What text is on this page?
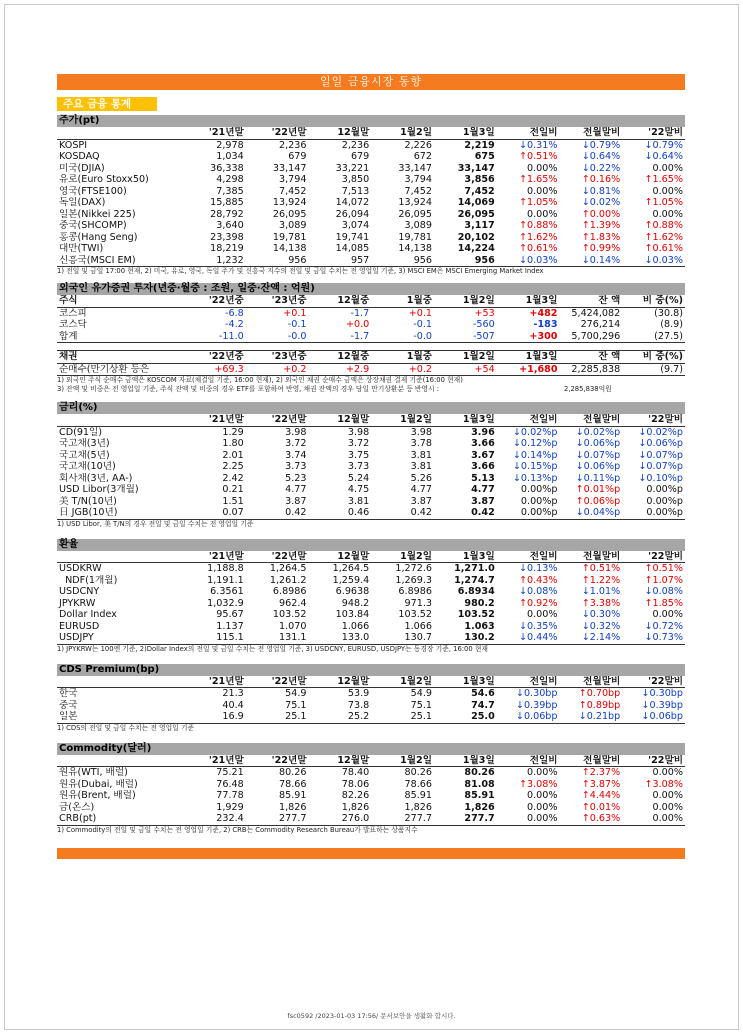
일일 금융시장 동향
주요 금융 통계
주가(pt)
	'21년말	'22년말	12월말	1월2일	1월3일	전일비	전월말비	'22말비
KOSPI	2,978	2,236	2,236	2,226	2,219	↓0.31%	↓0.79%	↓0.79%
KOSDAQ	1,034	679	679	672	675	↑0.51%	↓0.64%	↓0.64%
미국(DJIA)	36,338	33,147	33,221	33,147	33,147	0.00%	↓0.22%	0.00%
유로(Euro Stoxx50)	4,298	3,794	3,850	3,794	3,856	↑1.65%	↑0.16%	↑1.65%
영국(FTSE100)	7,385	7,452	7,513	7,452	7,452	0.00%	↓0.81%	0.00%
독일(DAX)	15,885	13,924	14,072	13,924	14,069	↑1.05%	↓0.02%	↑1.05%
일본(Nikkei 225)	28,792	26,095	26,094	26,095	26,095	0.00%	↑0.00%	0.00%
중국(SHCOMP)	3,640	3,089	3,074	3,089	3,117	↑0.88%	↑1.39%	↑0.88%
홍콩(Hang Seng)	23,398	19,781	19,741	19,781	20,102	↑1.62%	↑1.83%	↑1.62%
대만(TWI)	18,219	14,138	14,085	14,138	14,224	↑0.61%	↑0.99%	↑0.61%
신흥국(MSCI EM)	1,232	956	957	956	956	↓0.03%	↓0.14%	↓0.03%
1) 전일 및 금일 17:00 현재, 2) 미국, 유로, 영국, 독일 주가 및 신흥국 지수의 전일 및 금일 수치는 전 영업일 기준, 3) MSCI EM은 MSCI Emerging Market Index
외국인 유가증권 투자(년중·월중 : 조원, 일중·잔액 : 억원)
주식	'22년중	'23년중	12월중	1월중	1월2일	1월3일	잔 액	비 중(%)
코스피	-6.8	+0.1	-1.7	+0.1	+53	+482	5,424,082	(30.8)
코스닥	-4.2	-0.1	+0.0	-0.1	-560	-183	276,214	(8.9)
합계	-11.0	-0.0	-1.7	-0.0	-507	+300	5,700,296	(27.5)
채권	'22년중	'23년중	12월중	1월중	1월2일	1월3일	잔 액	비 중(%)
순매수(만기상환 등은	+69.3	+0.2	+2.9	+0.2	+54	+1,680	2,285,838	(9.7)
1) 외국인 주식 순매수 금액은 KOSCOM 자료(체결일 기준, 16:00 현재), 2) 외국인 채권 순매수 금액은 상장채권 결제 기준(16:00 현재)
3) 잔액 및 비중은 전 영업일 기준, 주식 잔액 및 비중의 경우 ETF를 포함하여 반영, 채권 잔액의 경우 당일 만기상환분 등 반영시 :	2,285,838억원
금리(%)
	'21년말	'22년말	12월말	1월2일	1월3일	전일비	전월말비	'22말비
CD(91일)	1.29	3.98	3.98	3.98	3.96	↓0.02%p	↓0.02%p	↓0.02%p
국고채(3년)	1.80	3.72	3.72	3.78	3.66	↓0.12%p	↓0.06%p	↓0.06%p
국고채(5년)	2.01	3.74	3.75	3.81	3.67	↓0.14%p	↓0.07%p	↓0.07%p
국고채(10년)	2.25	3.73	3.73	3.81	3.66	↓0.15%p	↓0.06%p	↓0.07%p
회사채(3년, AA-)	2.42	5.23	5.24	5.26	5.13	↓0.13%p	↓0.11%p	↓0.10%p
USD Libor(3개월)	0.21	4.77	4.75	4.77	4.77	0.00%p	↑0.01%p	0.00%p
美 T/N(10년)	1.51	3.87	3.81	3.87	3.87	0.00%p	↑0.06%p	0.00%p
日 JGB(10년)	0.07	0.42	0.46	0.42	0.42	0.00%p	↓0.04%p	0.00%p
1) USD Libor, 美 T/N의 경우 전일 및 금일 수치는 전 영업일 기준
환율
	'21년말	'22년말	12월말	1월2일	1월3일	전일비	전월말비	'22말비
USDKRW	1,188.8	1,264.5	1,264.5	1,272.6	1,271.0	↓0.13%	↑0.51%	↑0.51%
NDF(1개월)	1,191.1	1,261.2	1,259.4	1,269.3	1,274.7	↑0.43%	↑1.22%	↑1.07%
USDCNY	6.3561	6.8986	6.9638	6.8986	6.8934	↓0.08%	↓1.01%	↓0.08%
JPYKRW	1,032.9	962.4	948.2	971.3	980.2	↑0.92%	↑3.38%	↑1.85%
Dollar Index	95.67	103.52	103.84	103.52	103.52	0.00%	↓0.30%	0.00%
EURUSD	1.137	1.070	1.066	1.066	1.063	↓0.35%	↓0.32%	↓0.72%
USDJPY	115.1	131.1	133.0	130.7	130.2	↓0.44%	↓2.14%	↓0.73%
1) JPYKRW는 100엔 기준, 2)Dollar Index의 전일 및 금일 수치는 전 영업일 기준, 3) USDCNY, EURUSD, USDJPY는 동경장 기준, 16:00 현재
CDS Premium(bp)
	'21년말	'22년말	12월말	1월2일	1월3일	전일비	전월말비	'22말비
한국	21.3	54.9	53.9	54.9	54.6	↓0.30bp	↑0.70bp	↓0.30bp
중국	40.4	75.1	73.8	75.1	74.7	↓0.39bp	↑0.89bp	↓0.39bp
일본	16.9	25.1	25.2	25.1	25.0	↓0.06bp	↓0.21bp	↓0.06bp
1) CDS의 전일 및 금일 수치는 전 영업일 기준
Commodity(달러)
	'21년말	'22년말	12월말	1월2일	1월3일	전일비	전월말비	'22말비
원유(WTI, 배럴)	75.21	80.26	78.40	80.26	80.26	0.00%	↑2.37%	0.00%
원유(Dubai, 배럴)	76.48	78.66	78.06	78.66	81.08	↑3.08%	↑3.87%	↑3.08%
원유(Brent, 배럴)	77.78	85.91	82.26	85.91	85.91	0.00%	↑4.44%	0.00%
금(온스)	1,929	1,826	1,826	1,826	1,826	0.00%	↑0.01%	0.00%
CRB(pt)	232.4	277.7	276.0	277.7	277.7	0.00%	↑0.63%	0.00%
1) Commodity의 전일 및 금일 수치는 전 영업일 기준, 2) CRB는 Commodity Research Bureau가 발표하는 상품지수
fsc0592 /2023-01-03 17:56/ 문서보안을 생활화 합시다.
